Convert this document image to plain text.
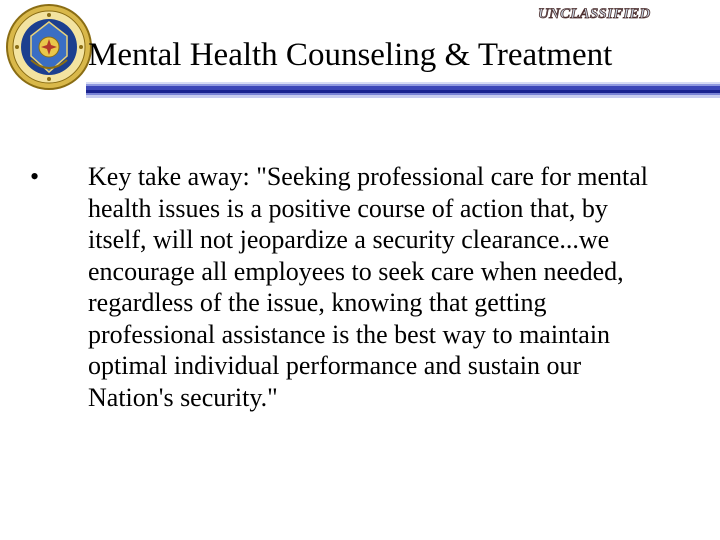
UNCLASSIFIED
Mental Health Counseling & Treatment
•	Key take away: "Seeking professional care for mental health issues is a positive course of action that, by itself, will not jeopardize a security clearance...we encourage all employees to seek care when needed, regardless of the issue, knowing that getting professional assistance is the best way to maintain optimal individual performance and sustain our Nation's security."
